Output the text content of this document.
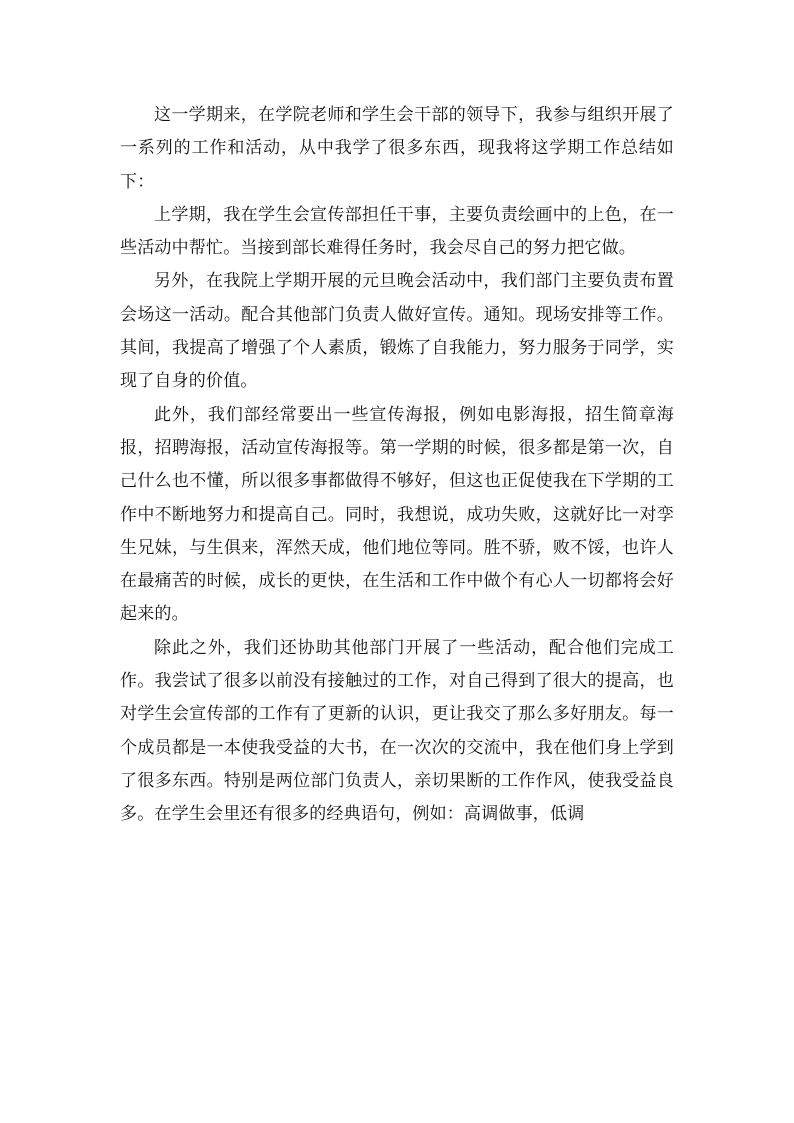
这一学期来，在学院老师和学生会干部的领导下，我参与组织开展了一系列的工作和活动，从中我学了很多东西，现我将这学期工作总结如下：

上学期，我在学生会宣传部担任干事，主要负责绘画中的上色，在一些活动中帮忙。当接到部长难得任务时，我会尽自己的努力把它做。

另外，在我院上学期开展的元旦晚会活动中，我们部门主要负责布置会场这一活动。配合其他部门负责人做好宣传。通知。现场安排等工作。其间，我提高了增强了个人素质，锻炼了自我能力，努力服务于同学，实现了自身的价值。

此外，我们部经常要出一些宣传海报，例如电影海报，招生简章海报，招聘海报，活动宣传海报等。第一学期的时候，很多都是第一次，自己什么也不懂，所以很多事都做得不够好，但这也正促使我在下学期的工作中不断地努力和提高自己。同时，我想说，成功失败，这就好比一对孪生兄妹，与生俱来，浑然天成，他们地位等同。胜不骄，败不馁，也许人在最痛苦的时候，成长的更快，在生活和工作中做个有心人一切都将会好起来的。

除此之外，我们还协助其他部门开展了一些活动，配合他们完成工作。我尝试了很多以前没有接触过的工作，对自己得到了很大的提高，也对学生会宣传部的工作有了更新的认识，更让我交了那么多好朋友。每一个成员都是一本使我受益的大书，在一次次的交流中，我在他们身上学到了很多东西。特别是两位部门负责人，亲切果断的工作作风，使我受益良多。在学生会里还有很多的经典语句，例如：高调做事，低调
